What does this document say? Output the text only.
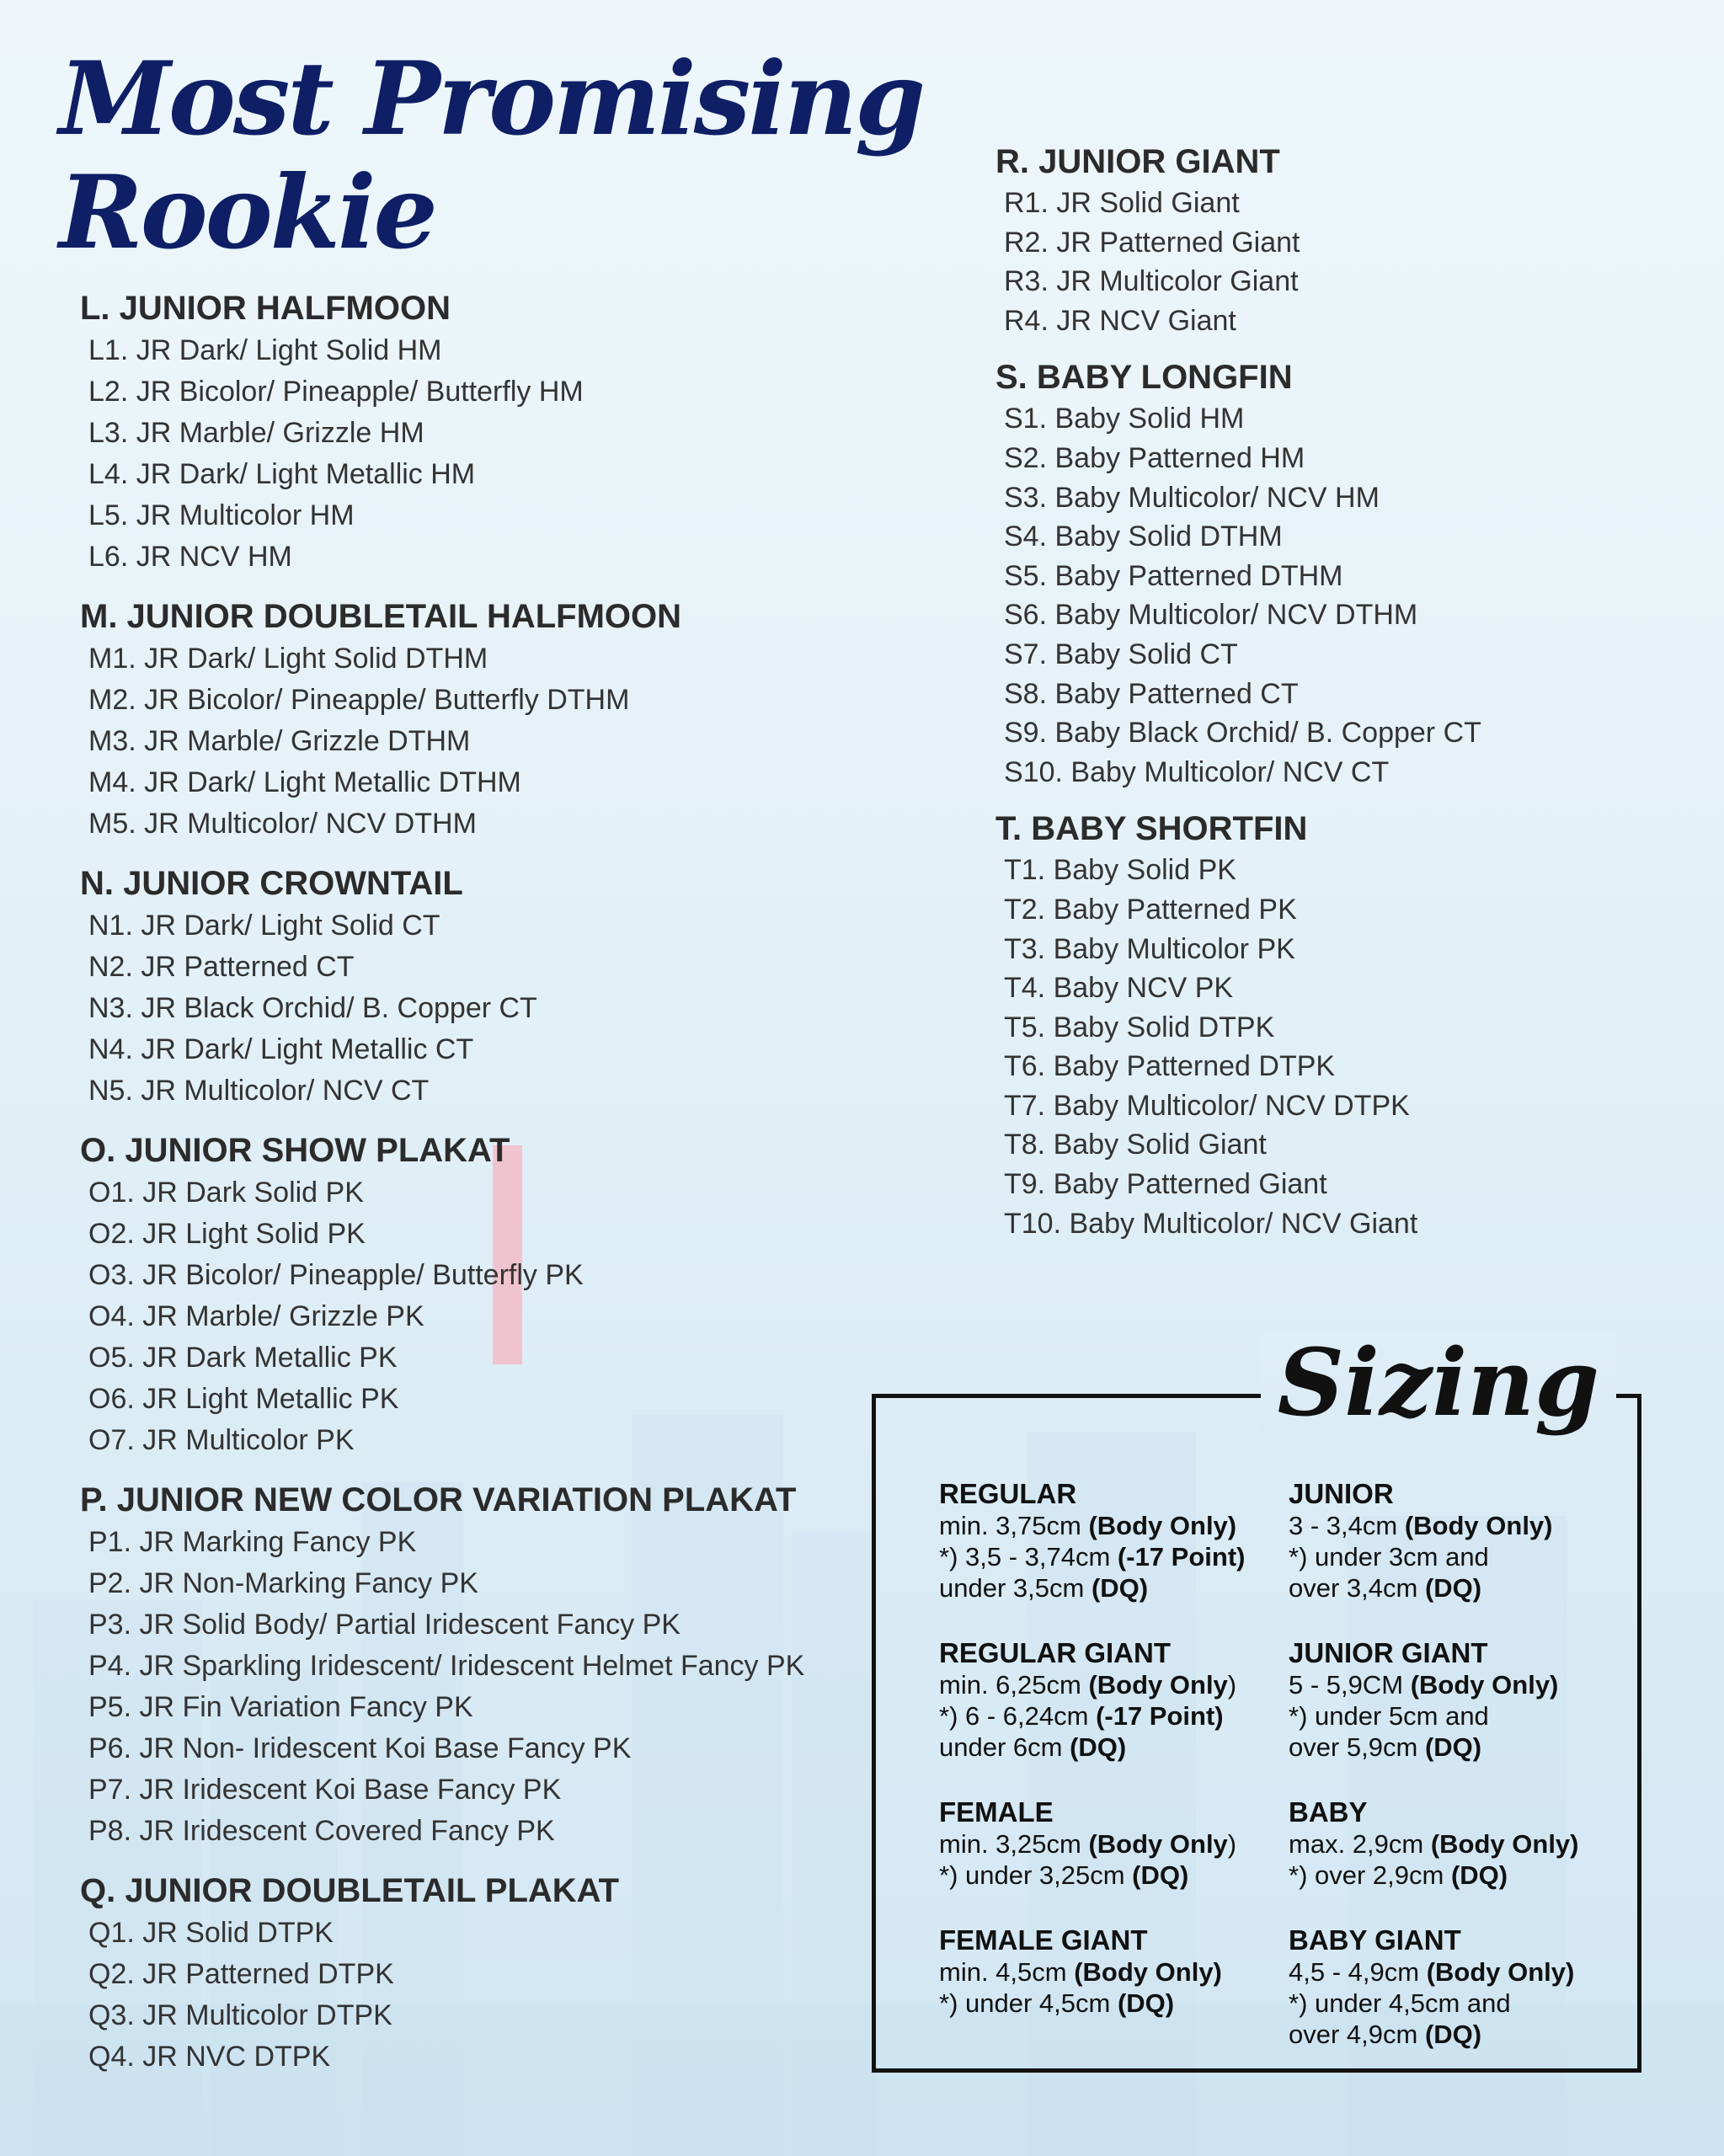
Most Promising

Rookie

L. JUNIOR HALFMOON

L1. JR Dark/ Light Solid HM

L2. JR Bicolor/ Pineapple/ Butterfly HM

L3. JR Marble/ Grizzle HM

L4. JR Dark/ Light Metallic HM

L5. JR Multicolor HM

L6. JR NCV HM

M. JUNIOR DOUBLETAIL HALFMOON

M1. JR Dark/ Light Solid DTHM

M2. JR Bicolor/ Pineapple/ Butterfly DTHM

M3. JR Marble/ Grizzle DTHM

M4. JR Dark/ Light Metallic DTHM

M5. JR Multicolor/ NCV DTHM

N. JUNIOR CROWNTAIL

N1. JR Dark/ Light Solid CT

N2. JR Patterned CT

N3. JR Black Orchid/ B. Copper CT

N4. JR Dark/ Light Metallic CT

N5. JR Multicolor/ NCV CT

O. JUNIOR SHOW PLAKAT

O1. JR Dark Solid PK

O2. JR Light Solid PK

O3. JR Bicolor/ Pineapple/ Butterfly PK

O4. JR Marble/ Grizzle PK

O5. JR Dark Metallic PK

O6. JR Light Metallic PK

O7. JR Multicolor PK

P. JUNIOR NEW COLOR VARIATION PLAKAT

P1. JR Marking Fancy PK

P2. JR Non-Marking Fancy PK

P3. JR Solid Body/ Partial Iridescent Fancy PK

P4. JR Sparkling Iridescent/ Iridescent Helmet Fancy PK

P5. JR Fin Variation Fancy PK

P6. JR Non- Iridescent Koi Base Fancy PK

P7. JR Iridescent Koi Base Fancy PK

P8. JR Iridescent Covered Fancy PK

Q. JUNIOR DOUBLETAIL PLAKAT

Q1. JR Solid DTPK

Q2. JR Patterned DTPK

Q3. JR Multicolor DTPK

Q4. JR NVC DTPK

R. JUNIOR GIANT

R1. JR Solid Giant

R2. JR Patterned Giant

R3. JR Multicolor Giant

R4. JR NCV Giant

S. BABY LONGFIN

S1. Baby Solid HM

S2. Baby Patterned HM

S3. Baby Multicolor/ NCV HM

S4. Baby Solid DTHM

S5. Baby Patterned DTHM

S6. Baby Multicolor/ NCV DTHM

S7. Baby Solid CT

S8. Baby Patterned CT

S9. Baby Black Orchid/ B. Copper CT

S10. Baby Multicolor/ NCV CT

T. BABY SHORTFIN

T1. Baby Solid PK

T2. Baby Patterned PK

T3. Baby Multicolor PK

T4. Baby NCV PK

T5. Baby Solid DTPK

T6. Baby Patterned DTPK

T7. Baby Multicolor/ NCV DTPK

T8. Baby Solid Giant

T9. Baby Patterned Giant

T10. Baby Multicolor/ NCV Giant

Sizing

REGULAR

min. 3,75cm (Body Only)

*) 3,5 - 3,74cm (-17 Point)

under 3,5cm (DQ)

REGULAR GIANT

min. 6,25cm (Body Only)

*) 6 - 6,24cm (-17 Point)

under 6cm (DQ)

FEMALE

min. 3,25cm (Body Only)

*) under 3,25cm (DQ)

FEMALE GIANT

min. 4,5cm (Body Only)

*) under 4,5cm (DQ)

JUNIOR

3 - 3,4cm (Body Only)

*) under 3cm and

over 3,4cm (DQ)

JUNIOR GIANT

5 - 5,9CM (Body Only)

*) under 5cm and

over 5,9cm (DQ)

BABY

max. 2,9cm (Body Only)

*) over 2,9cm (DQ)

BABY GIANT

4,5 - 4,9cm (Body Only)

*) under 4,5cm and

over 4,9cm (DQ)
